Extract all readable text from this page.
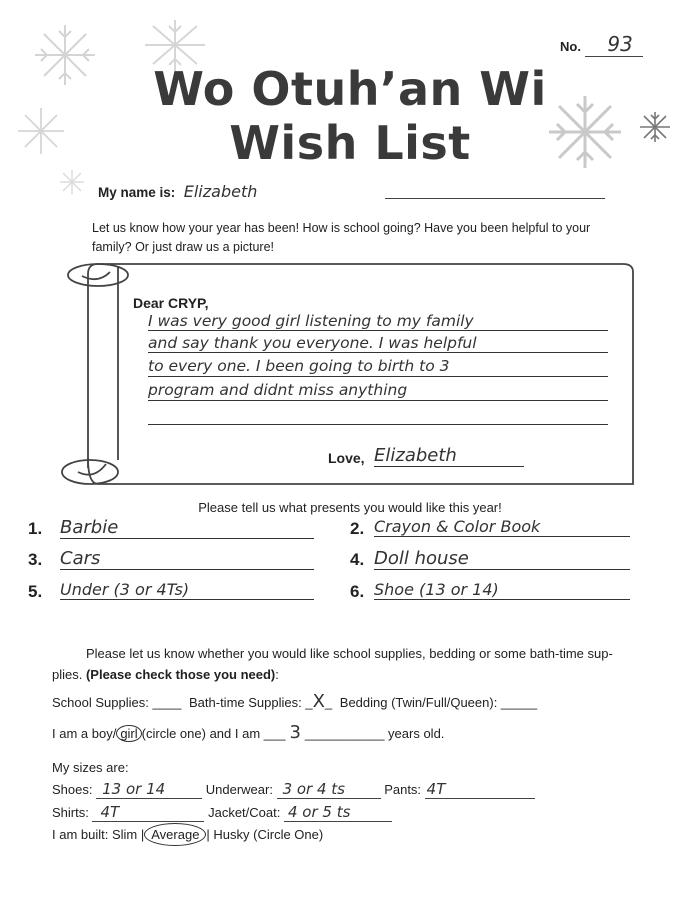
No. 93
Wo Otuh’an Wi
Wish List
My name is: Elizabeth
Let us know how your year has been! How is school going? Have you been helpful to your family? Or just draw us a picture!
Dear CRYP,
I was very good girl listening to my family
and say thank you everyone. I was helpful
to every one. I been going to birth to 3
program and didnt miss anything
Love, Elizabeth
Please tell us what presents you would like this year!
1. Barbie	2. Crayon & Color Book
3. Cars	4. Doll house
5. Under (3 or 4Ts)	6. Shoe (13 or 14)
Please let us know whether you would like school supplies, bedding or some bath-time sup-
plies. (Please check those you need):
School Supplies: ____ Bath-time Supplies: _X_ Bedding (Twin/Full/Queen): _____
I am a boy/ girl (circle one) and I am ___ 3 ___________ years old.
My sizes are:
Shoes: 13 or 14	Underwear: 3 or 4 ts	Pants: 4T
Shirts: 4T	Jacket/Coat: 4 or 5 ts
I am built: Slim | Average | Husky (Circle One)
